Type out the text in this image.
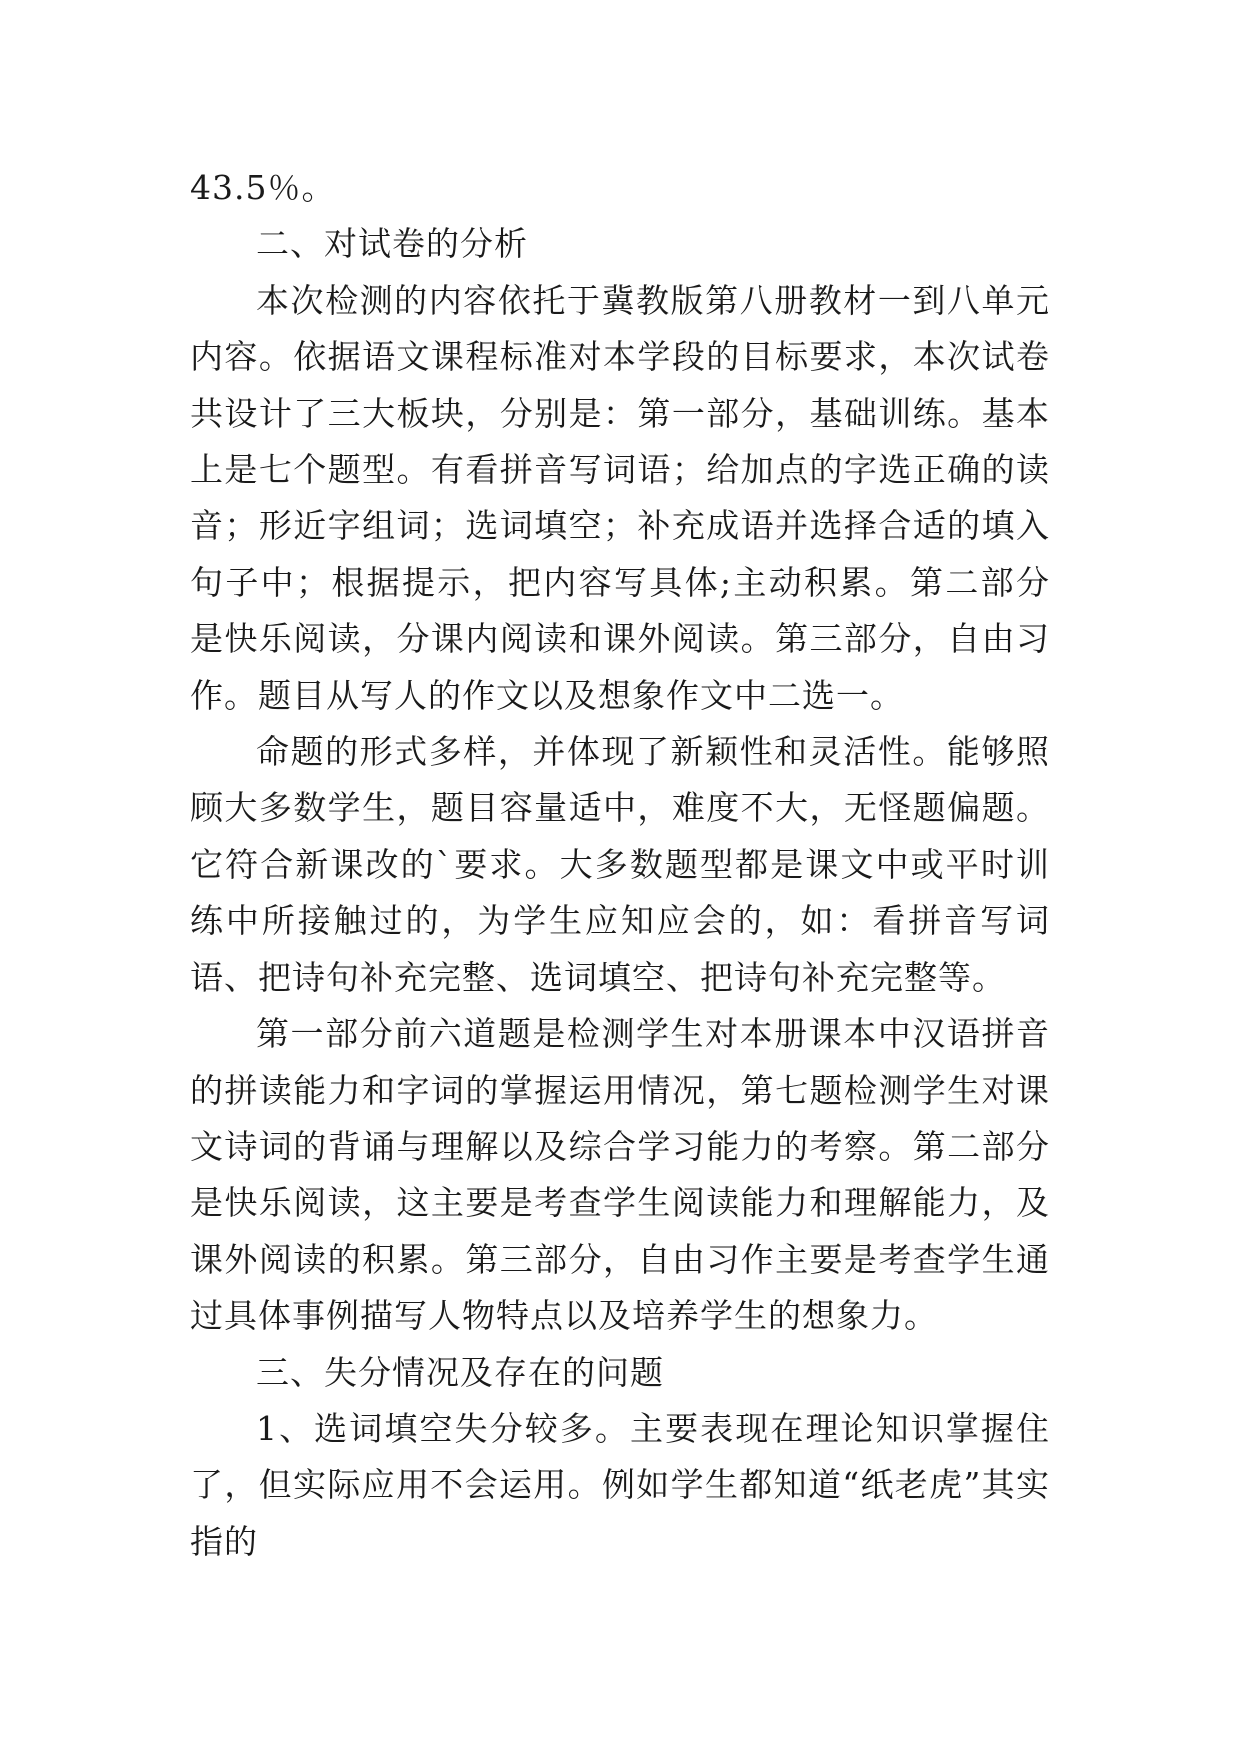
43.5％。

二、对试卷的分析

本次检测的内容依托于冀教版第八册教材一到八单元内容。依据语文课程标准对本学段的目标要求，本次试卷共设计了三大板块，分别是：第一部分，基础训练。基本上是七个题型。有看拼音写词语；给加点的字选正确的读音；形近字组词；选词填空；补充成语并选择合适的填入句子中；根据提示，把内容写具体;主动积累。第二部分是快乐阅读，分课内阅读和课外阅读。第三部分，自由习作。题目从写人的作文以及想象作文中二选一。

命题的形式多样，并体现了新颖性和灵活性。能够照顾大多数学生，题目容量适中，难度不大，无怪题偏题。它符合新课改的`要求。大多数题型都是课文中或平时训练中所接触过的，为学生应知应会的，如：看拼音写词语、把诗句补充完整、选词填空、把诗句补充完整等。

第一部分前六道题是检测学生对本册课本中汉语拼音的拼读能力和字词的掌握运用情况，第七题检测学生对课文诗词的背诵与理解以及综合学习能力的考察。第二部分是快乐阅读，这主要是考查学生阅读能力和理解能力，及课外阅读的积累。第三部分，自由习作主要是考查学生通过具体事例描写人物特点以及培养学生的想象力。

三、失分情况及存在的问题

1、选词填空失分较多。主要表现在理论知识掌握住了，但实际应用不会运用。例如学生都知道“纸老虎”其实指的
